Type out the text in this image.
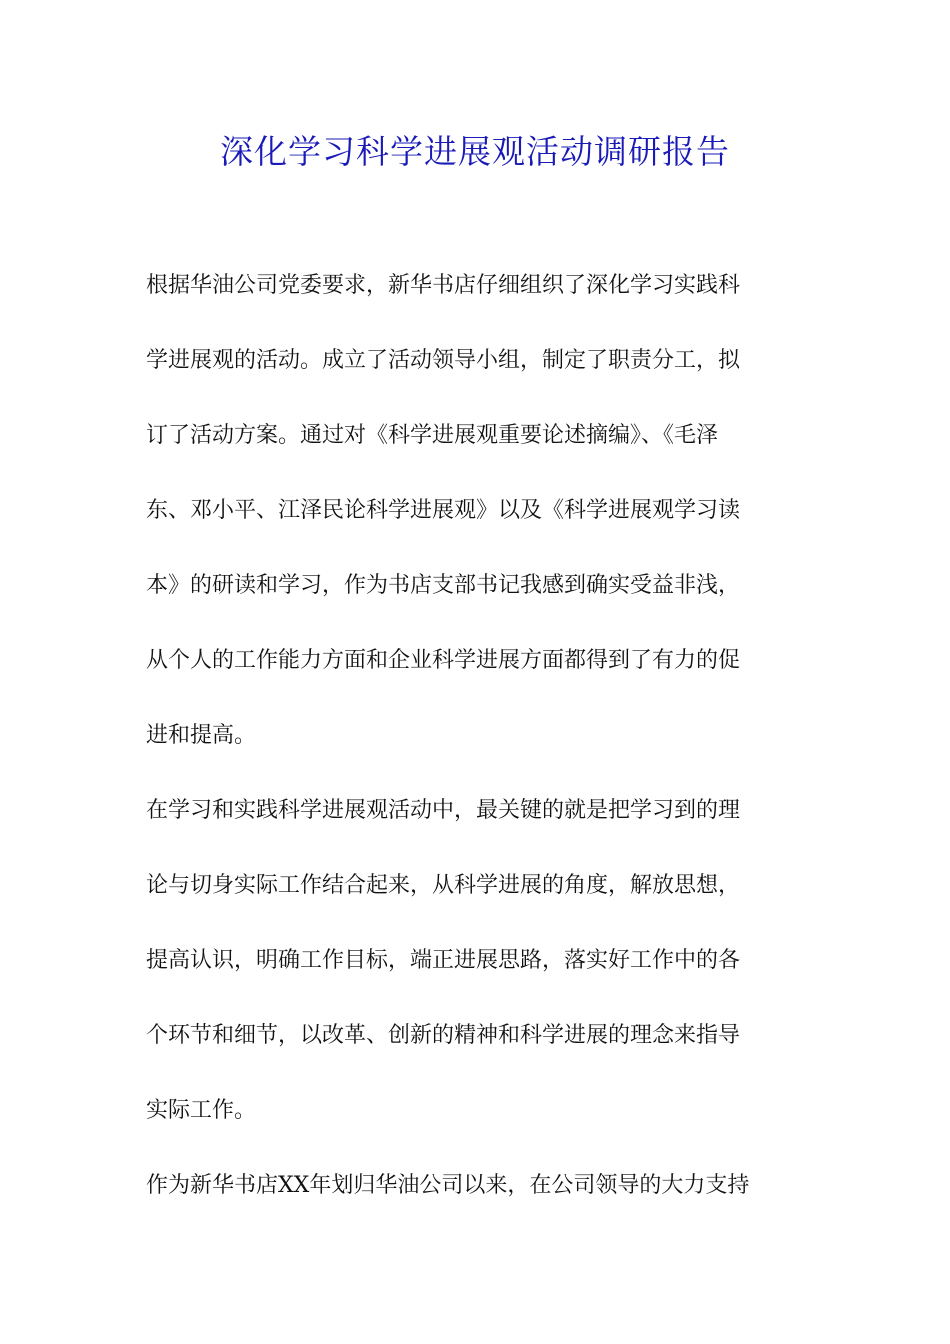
深化学习科学进展观活动调研报告
根据华油公司党委要求，新华书店仔细组织了深化学习实践科
学进展观的活动。成立了活动领导小组，制定了职责分工，拟
订了活动方案。通过对《科学进展观重要论述摘编》、《毛泽
东、邓小平、江泽民论科学进展观》以及《科学进展观学习读
本》的研读和学习，作为书店支部书记我感到确实受益非浅，
从个人的工作能力方面和企业科学进展方面都得到了有力的促
进和提高。
在学习和实践科学进展观活动中，最关键的就是把学习到的理
论与切身实际工作结合起来，从科学进展的角度，解放思想，
提高认识，明确工作目标，端正进展思路，落实好工作中的各
个环节和细节，以改革、创新的精神和科学进展的理念来指导
实际工作。
作为新华书店XX年划归华油公司以来，在公司领导的大力支持
